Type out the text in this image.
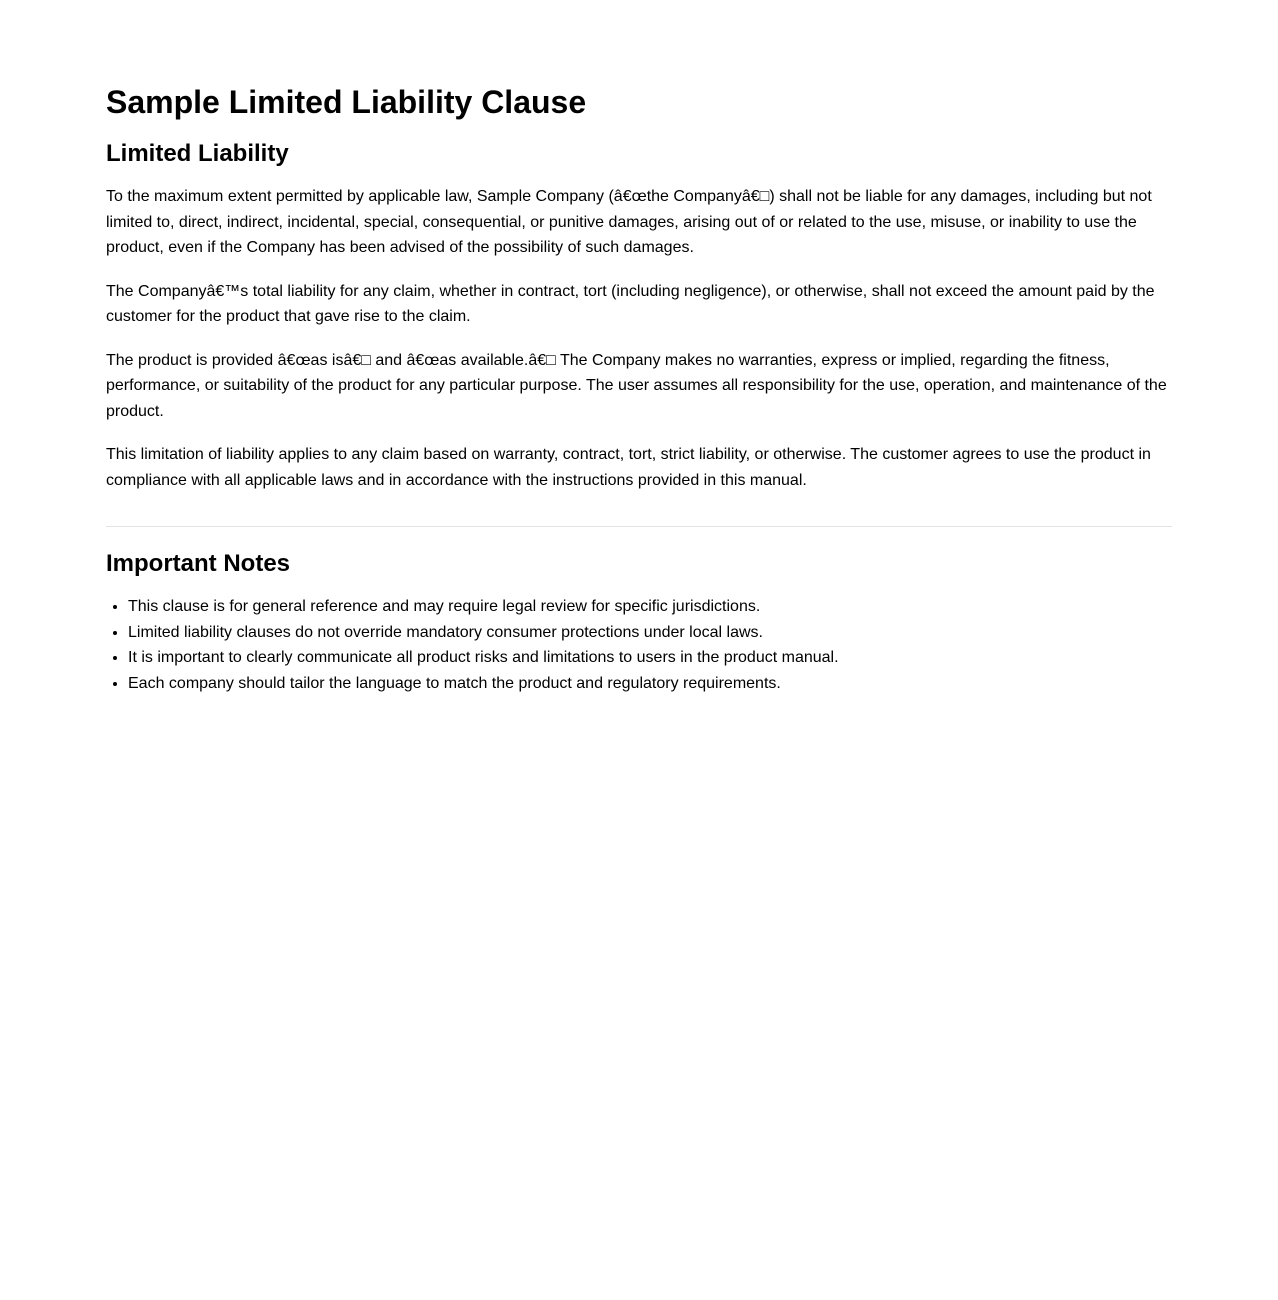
Sample Limited Liability Clause
Limited Liability

To the maximum extent permitted by applicable law, Sample Company (â€œthe Companyâ€□) shall not be liable for any damages, including but not limited to, direct, indirect, incidental, special, consequential, or punitive damages, arising out of or related to the use, misuse, or inability to use the product, even if the Company has been advised of the possibility of such damages.

The Companyâ€™s total liability for any claim, whether in contract, tort (including negligence), or otherwise, shall not exceed the amount paid by the customer for the product that gave rise to the claim.

The product is provided â€œas isâ€□ and â€œas available.â€□ The Company makes no warranties, express or implied, regarding the fitness, performance, or suitability of the product for any particular purpose. The user assumes all responsibility for the use, operation, and maintenance of the product.

This limitation of liability applies to any claim based on warranty, contract, tort, strict liability, or otherwise. The customer agrees to use the product in compliance with all applicable laws and in accordance with the instructions provided in this manual.

Important Notes
• This clause is for general reference and may require legal review for specific jurisdictions.
• Limited liability clauses do not override mandatory consumer protections under local laws.
• It is important to clearly communicate all product risks and limitations to users in the product manual.
• Each company should tailor the language to match the product and regulatory requirements.
